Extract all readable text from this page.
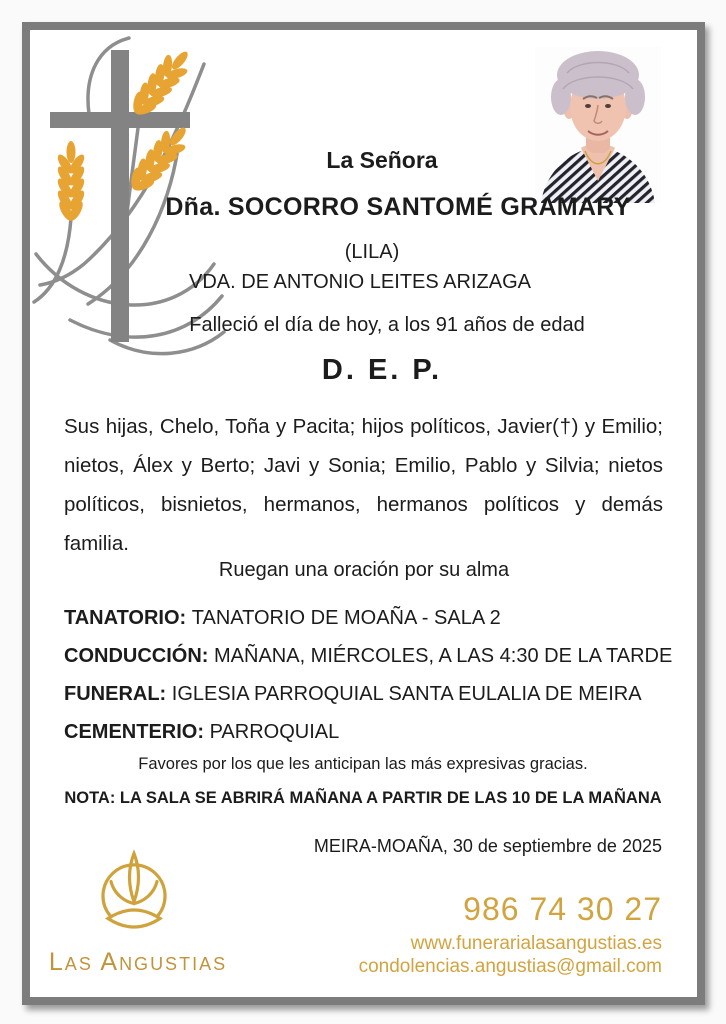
La Señora
Dña. SOCORRO SANTOMÉ GRAMARY
(LILA)
VDA. DE ANTONIO LEITES ARIZAGA
Falleció el día de hoy, a los 91 años de edad
D. E. P.
Sus hijas, Chelo, Toña y Pacita; hijos políticos, Javier(†) y Emilio; nietos, Álex y Berto; Javi y Sonia; Emilio, Pablo y Silvia; nietos políticos, bisnietos, hermanos, hermanos políticos y demás familia.
Ruegan una oración por su alma
TANATORIO: TANATORIO DE MOAÑA - SALA 2
CONDUCCIÓN: MAÑANA, MIÉRCOLES, A LAS 4:30 DE LA TARDE
FUNERAL: IGLESIA PARROQUIAL SANTA EULALIA DE MEIRA
CEMENTERIO: PARROQUIAL
Favores por los que les anticipan las más expresivas gracias.
NOTA: LA SALA SE ABRIRÁ MAÑANA A PARTIR DE LAS 10 DE LA MAÑANA
MEIRA-MOAÑA, 30 de septiembre de 2025
Las Angustias
986 74 30 27
www.funerarialasangustias.es
condolencias.angustias@gmail.com
